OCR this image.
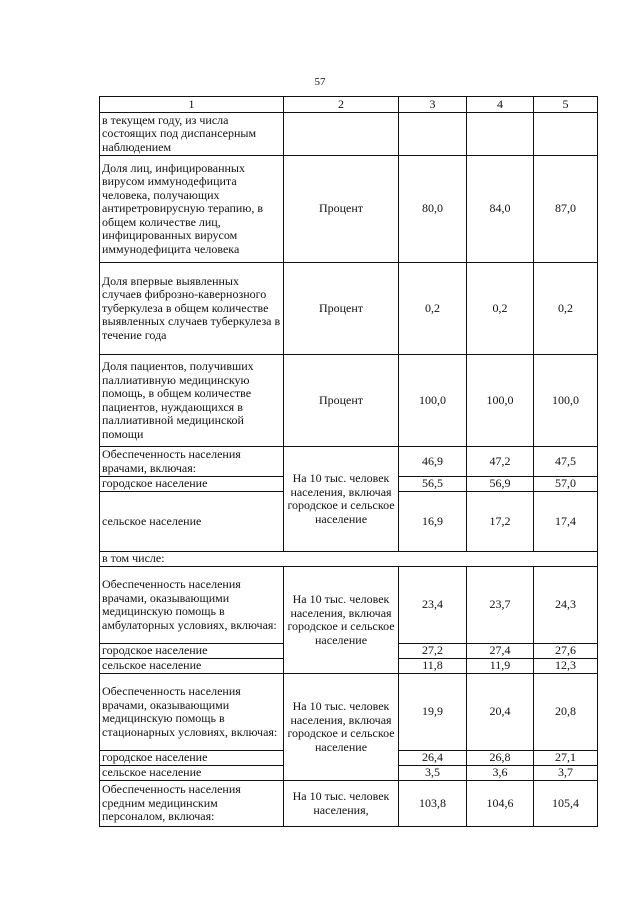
57
1	2	3	4	5
в текущем году, из числа состоящих под диспансерным наблюдением				
Доля лиц, инфицированных вирусом иммунодефицита человека, получающих антиретровирусную терапию, в общем количестве лиц, инфицированных вирусом иммунодефицита человека	Процент	80,0	84,0	87,0
Доля впервые выявленных случаев фиброзно-кавернозного туберкулеза в общем количестве выявленных случаев туберкулеза в течение года	Процент	0,2	0,2	0,2
Доля пациентов, получивших паллиативную медицинскую помощь, в общем количестве пациентов, нуждающихся в паллиативной медицинской помощи	Процент	100,0	100,0	100,0
Обеспеченность населения врачами, включая:	На 10 тыс. человек населения, включая городское и сельское население	46,9	47,2	47,5
городское население		56,5	56,9	57,0
сельское население		16,9	17,2	17,4
в том числе:				
Обеспеченность населения врачами, оказывающими медицинскую помощь в амбулаторных условиях, включая:	На 10 тыс. человек населения, включая городское и сельское население	23,4	23,7	24,3
городское население		27,2	27,4	27,6
сельское население		11,8	11,9	12,3
Обеспеченность населения врачами, оказывающими медицинскую помощь в стационарных условиях, включая:	На 10 тыс. человек населения, включая городское и сельское население	19,9	20,4	20,8
городское население		26,4	26,8	27,1
сельское население		3,5	3,6	3,7
Обеспеченность населения средним медицинским персоналом, включая:	На 10 тыс. человек населения,	103,8	104,6	105,4
